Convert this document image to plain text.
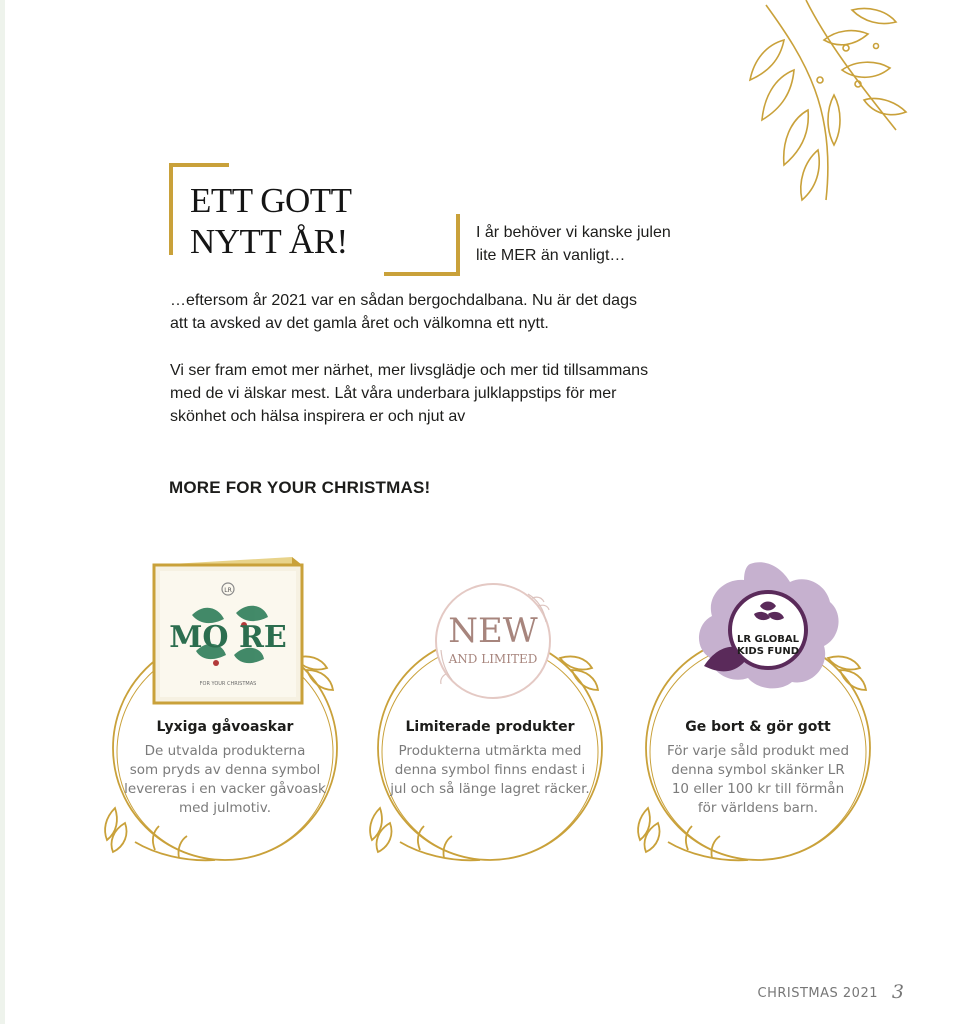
ETT GOTT
NYTT ÅR!	I år behöver vi kanske julen
lite MER än vanligt…

…eftersom år 2021 var en sådan bergochdalbana. Nu är det dags
att ta avsked av det gamla året och välkomna ett nytt.

Vi ser fram emot mer närhet, mer livsglädje och mer tid tillsammans
med de vi älskar mest. Låt våra underbara julklappstips för mer
skönhet och hälsa inspirera er och njut av

MORE FOR YOUR CHRISTMAS!
LR
MO RE
FOR YOUR CHRISTMAS
NEW
AND LIMITED
LR GLOBAL
KIDS FUND

Lyxiga gåvoaskar

De utvalda produkterna
som pryds av denna symbol
levereras i en vacker gåvoask
med julmotiv.

Limiterade produkter

Produkterna utmärkta med
denna symbol finns endast i
jul och så länge lagret räcker.

Ge bort & gör gott

För varje såld produkt med
denna symbol skänker LR
10 eller 100 kr till förmån
för världens barn.

CHRISTMAS 2021 3
